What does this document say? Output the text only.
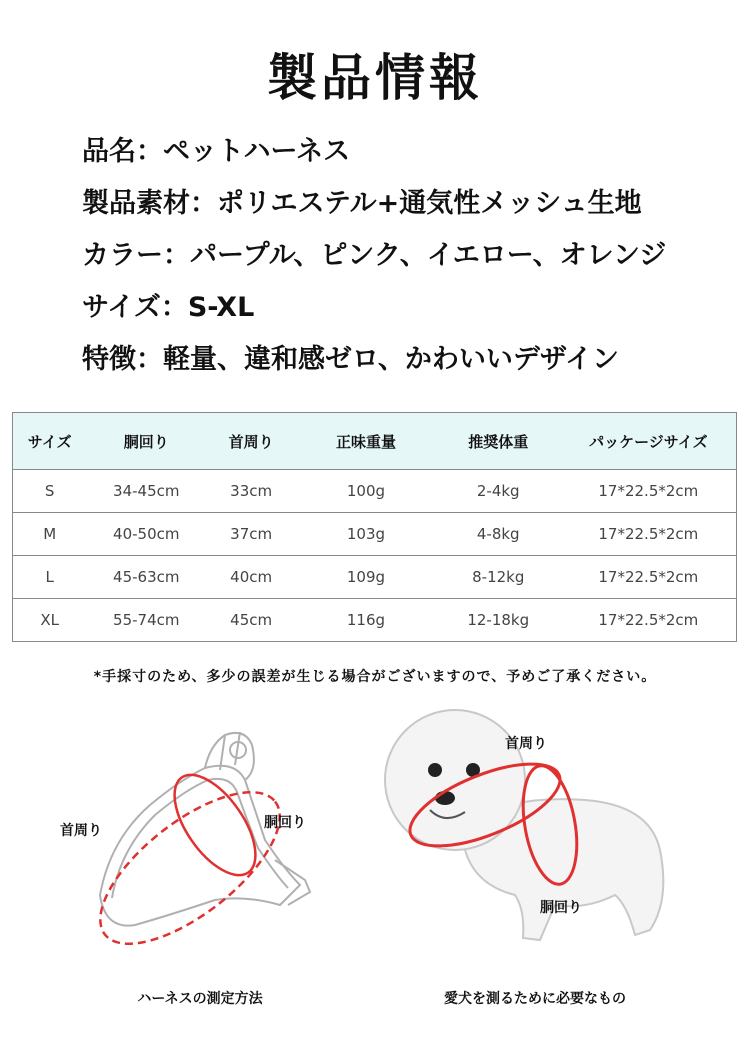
製品情報
品名：ペットハーネス
製品素材：ポリエステル+通気性メッシュ生地
カラー：パープル、ピンク、イエロー、オレンジ
サイズ：S-XL
特徴：軽量、違和感ゼロ、かわいいデザイン
サイズ	胴回り	首周り	正味重量	推奨体重	パッケージサイズ
S	34-45cm	33cm	100g	2-4kg	17*22.5*2cm
M	40-50cm	37cm	103g	4-8kg	17*22.5*2cm
L	45-63cm	40cm	109g	8-12kg	17*22.5*2cm
XL	55-74cm	45cm	116g	12-18kg	17*22.5*2cm
*手採寸のため、多少の誤差が生じる場合がございますので、予めご了承ください。
首周り	胴回り
ハーネスの測定方法
首周り
胴回り
愛犬を測るために必要なもの
